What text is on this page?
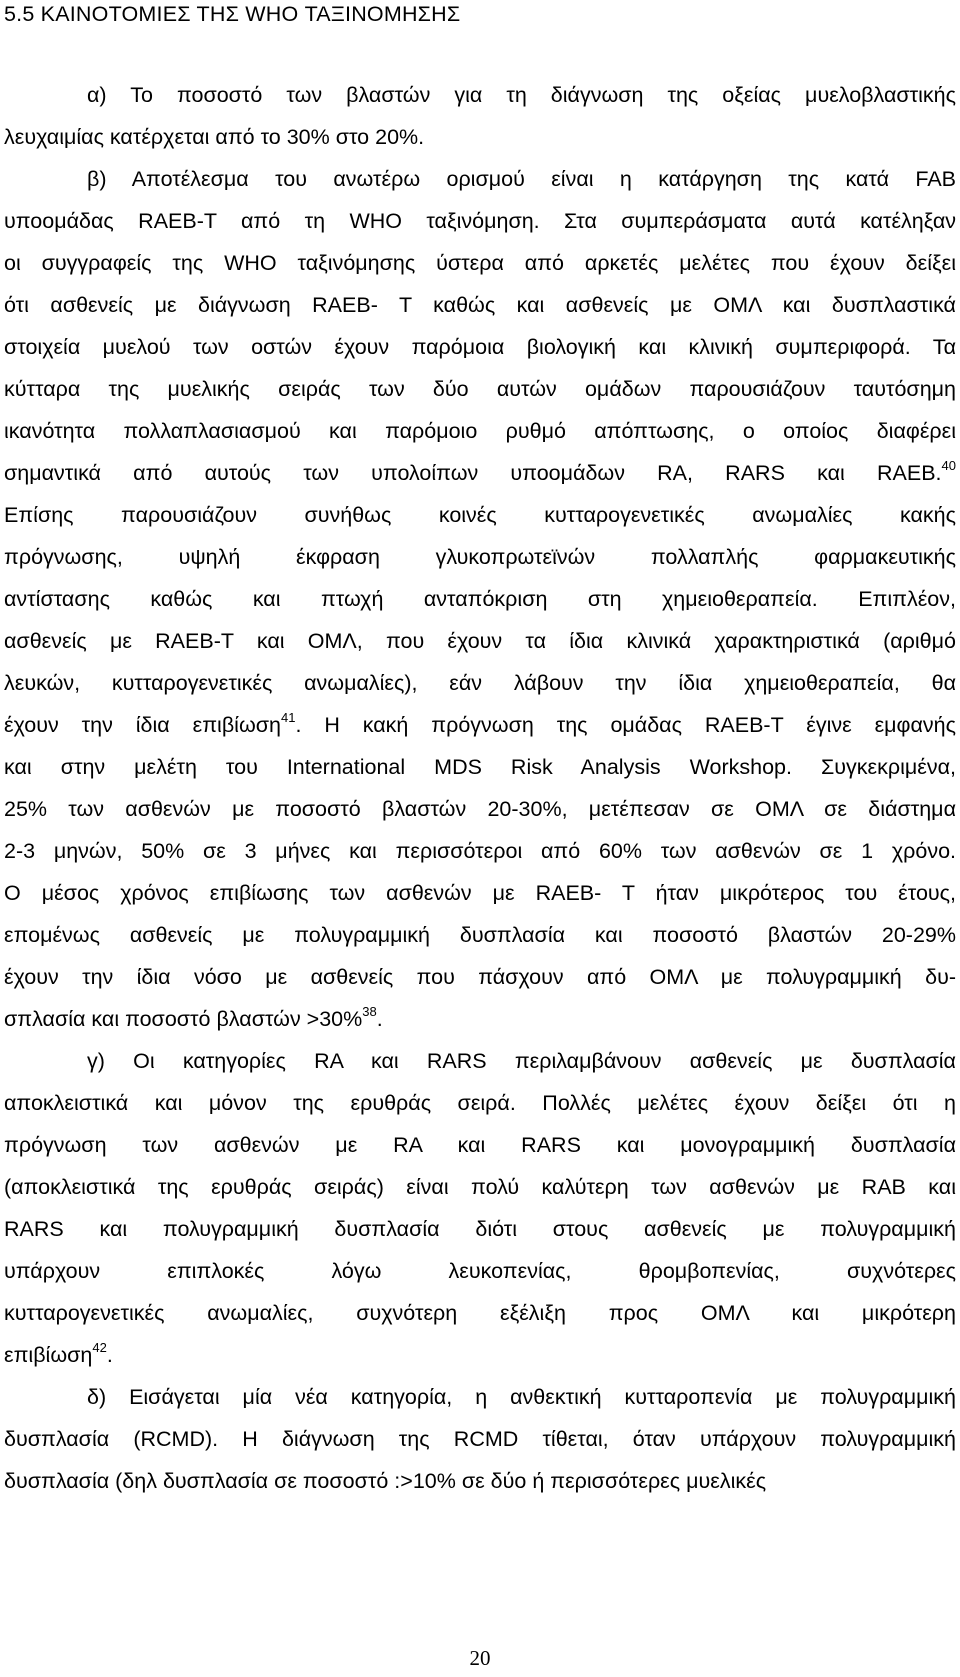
5.5 ΚΑΙΝΟΤΟΜΙΕΣ ΤΗΣ WHO ΤΑΞΙΝΟΜΗΣΗΣ
α) Το ποσοστό των βλαστών για τη διάγνωση της οξείας μυελοβλαστικής
λευχαιμίας κατέρχεται από το 30% στο 20%.
β) Αποτέλεσμα του ανωτέρω ορισμού είναι η κατάργηση της κατά FAB
υποομάδας RAEB-T από τη WHO ταξινόμηση. Στα συμπεράσματα αυτά κατέληξαν
οι συγγραφείς της WHO ταξινόμησης ύστερα από αρκετές μελέτες που έχουν δείξει
ότι ασθενείς με διάγνωση RAEB- T καθώς και ασθενείς με ΟΜΛ και δυσπλαστικά
στοιχεία μυελού των οστών έχουν παρόμοια βιολογική και κλινική συμπεριφορά. Τα
κύτταρα της μυελικής σειράς των δύο αυτών ομάδων παρουσιάζουν ταυτόσημη
ικανότητα πολλαπλασιασμού και παρόμοιο ρυθμό απόπτωσης, ο οποίος διαφέρει
σημαντικά από αυτούς των υπολοίπων υποομάδων RA, RARS και RAEB.$^{40}$
Επίσης παρουσιάζουν συνήθως κοινές κυτταρογενετικές ανωμαλίες κακής
πρόγνωσης, υψηλή έκφραση γλυκοπρωτεϊνών πολλαπλής φαρμακευτικής
αντίστασης καθώς και πτωχή ανταπόκριση στη χημειοθεραπεία. Επιπλέον,
ασθενείς με RAEB-T και ΟΜΛ, που έχουν τα ίδια κλινικά χαρακτηριστικά (αριθμό
λευκών, κυτταρογενετικές ανωμαλίες), εάν λάβουν την ίδια χημειοθεραπεία, θα
έχουν την ίδια επιβίωση$^{41}$. Η κακή πρόγνωση της ομάδας RAEB-T έγινε εμφανής
και στην μελέτη του International MDS Risk Analysis Workshop. Συγκεκριμένα,
25% των ασθενών με ποσοστό βλαστών 20-30%, μετέπεσαν σε ΟΜΛ σε διάστημα
2-3 μηνών, 50% σε 3 μήνες και περισσότεροι από 60% των ασθενών σε 1 χρόνο.
Ο μέσος χρόνος επιβίωσης των ασθενών με RAEB- T ήταν μικρότερος του έτους,
επομένως ασθενείς με πολυγραμμική δυσπλασία και ποσοστό βλαστών 20-29%
έχουν την ίδια νόσο με ασθενείς που πάσχουν από ΟΜΛ με πολυγραμμική δυ-
σπλασία και ποσοστό βλαστών >30%$^{38}$.
γ) Οι κατηγορίες RA και RARS περιλαμβάνουν ασθενείς με δυσπλασία
αποκλειστικά και μόνον της ερυθράς σειρά. Πολλές μελέτες έχουν δείξει ότι η
πρόγνωση των ασθενών με RA και RARS και μονογραμμική δυσπλασία
(αποκλειστικά της ερυθράς σειράς) είναι πολύ καλύτερη των ασθενών με RAB και
RARS και πολυγραμμική δυσπλασία διότι στους ασθενείς με πολυγραμμική
υπάρχουν επιπλοκές λόγω λευκοπενίας, θρομβοπενίας, συχνότερες
κυτταρογενετικές ανωμαλίες, συχνότερη εξέλιξη προς ΟΜΛ και μικρότερη
επιβίωση$^{42}$.
δ) Εισάγεται μία νέα κατηγορία, η ανθεκτική κυτταροπενία με πολυγραμμική
δυσπλασία (RCMD). Η διάγνωση της RCMD τίθεται, όταν υπάρχουν πολυγραμμική
δυσπλασία (δηλ δυσπλασία σε ποσοστό :>10% σε δύο ή περισσότερες μυελικές
20
